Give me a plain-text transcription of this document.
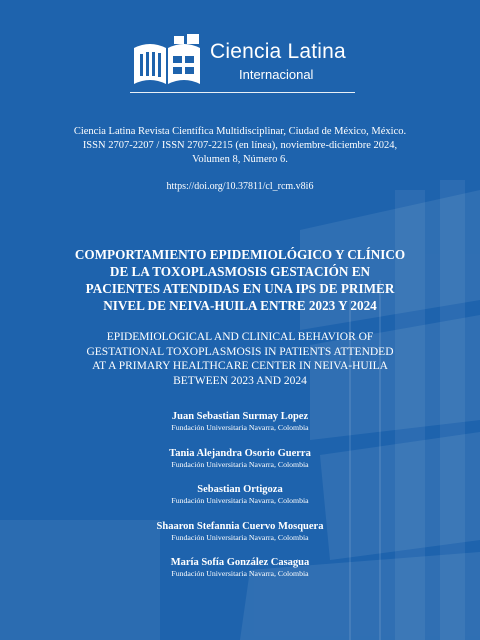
Ciencia Latina
Internacional
Ciencia Latina Revista Científica Multidisciplinar, Ciudad de México, México.
ISSN 2707-2207 / ISSN 2707-2215 (en línea), noviembre-diciembre 2024,
Volumen 8, Número 6.
https://doi.org/10.37811/cl_rcm.v8i6
COMPORTAMIENTO EPIDEMIOLÓGICO Y CLÍNICO
DE LA TOXOPLASMOSIS GESTACIÓN EN
PACIENTES ATENDIDAS EN UNA IPS DE PRIMER
NIVEL DE NEIVA-HUILA ENTRE 2023 Y 2024
EPIDEMIOLOGICAL AND CLINICAL BEHAVIOR OF
GESTATIONAL TOXOPLASMOSIS IN PATIENTS ATTENDED
AT A PRIMARY HEALTHCARE CENTER IN NEIVA-HUILA
BETWEEN 2023 AND 2024
Juan Sebastian Surmay Lopez
Fundación Universitaria Navarra, Colombia
Tania Alejandra Osorio Guerra
Fundación Universitaria Navarra, Colombia
Sebastian Ortigoza
Fundación Universitaria Navarra, Colombia
Shaaron Stefannia Cuervo Mosquera
Fundación Universitaria Navarra, Colombia
María Sofía González Casagua
Fundación Universitaria Navarra, Colombia
